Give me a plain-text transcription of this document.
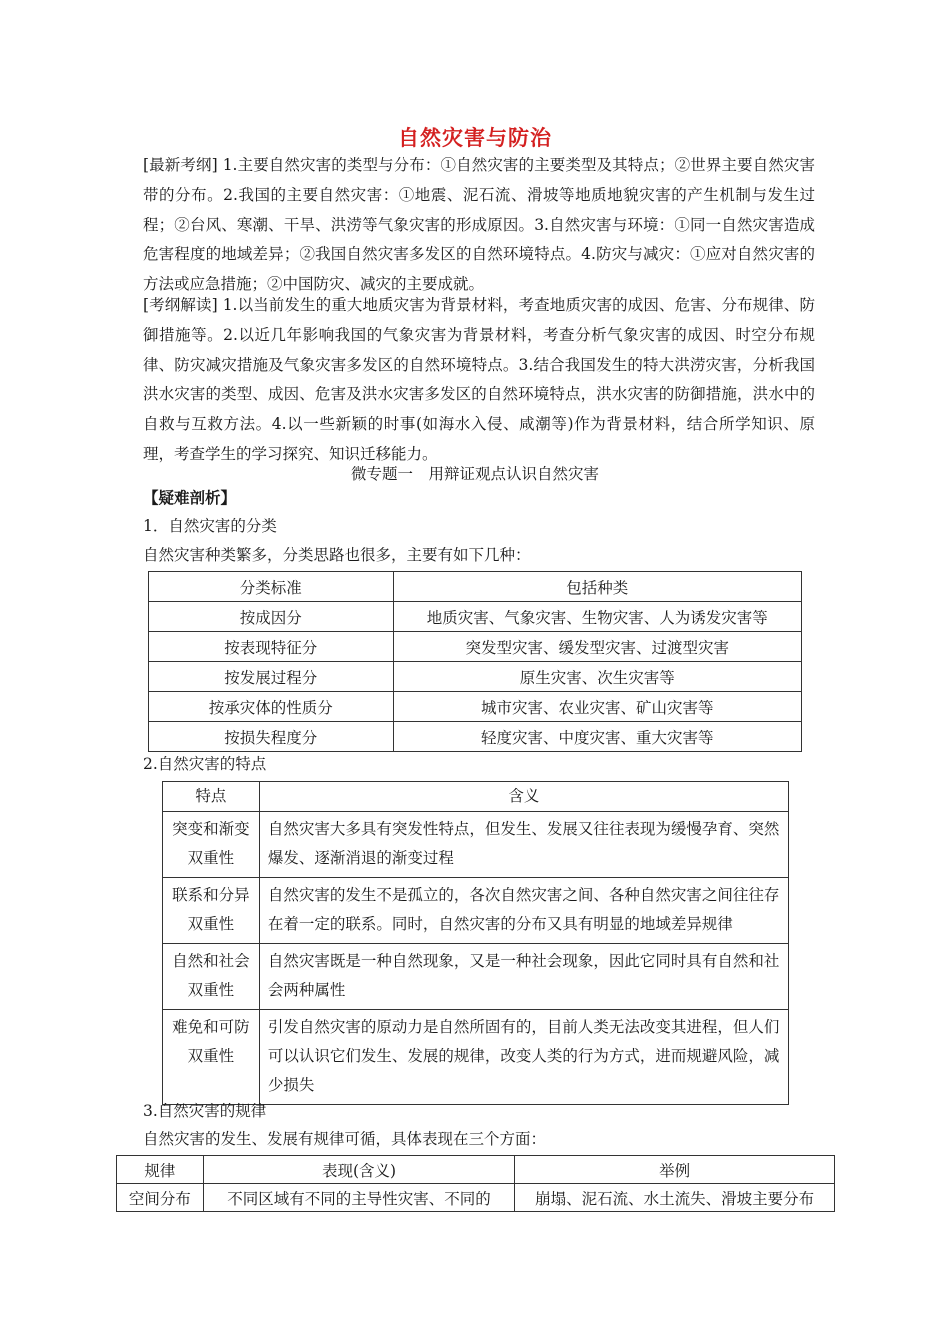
自然灾害与防治

[最新考纲] 1.主要自然灾害的类型与分布：①自然灾害的主要类型及其特点；②世界主要自然灾害带的分布。2.我国的主要自然灾害：①地震、泥石流、滑坡等地质地貌灾害的产生机制与发生过程；②台风、寒潮、干旱、洪涝等气象灾害的形成原因。3.自然灾害与环境：①同一自然灾害造成危害程度的地域差异；②我国自然灾害多发区的自然环境特点。4.防灾与减灾：①应对自然灾害的方法或应急措施；②中国防灾、减灾的主要成就。

[考纲解读] 1.以当前发生的重大地质灾害为背景材料，考查地质灾害的成因、危害、分布规律、防御措施等。2.以近几年影响我国的气象灾害为背景材料，考查分析气象灾害的成因、时空分布规律、防灾减灾措施及气象灾害多发区的自然环境特点。3.结合我国发生的特大洪涝灾害，分析我国洪水灾害的类型、成因、危害及洪水灾害多发区的自然环境特点，洪水灾害的防御措施，洪水中的自救与互救方法。4.以一些新颖的时事(如海水入侵、咸潮等)作为背景材料，结合所学知识、原理，考查学生的学习探究、知识迁移能力。

微专题一　用辩证观点认识自然灾害
【疑难剖析】
1．自然灾害的分类
自然灾害种类繁多，分类思路也很多，主要有如下几种：
分类标准	包括种类
按成因分	地质灾害、气象灾害、生物灾害、人为诱发灾害等
按表现特征分	突发型灾害、缓发型灾害、过渡型灾害
按发展过程分	原生灾害、次生灾害等
按承灾体的性质分	城市灾害、农业灾害、矿山灾害等
按损失程度分	轻度灾害、中度灾害、重大灾害等
2.自然灾害的特点
特点	含义
突变和渐变双重性	自然灾害大多具有突发性特点，但发生、发展又往往表现为缓慢孕育、突然爆发、逐渐消退的渐变过程
联系和分异双重性	自然灾害的发生不是孤立的，各次自然灾害之间、各种自然灾害之间往往存在着一定的联系。同时，自然灾害的分布又具有明显的地域差异规律
自然和社会双重性	自然灾害既是一种自然现象，又是一种社会现象，因此它同时具有自然和社会两种属性
难免和可防双重性	引发自然灾害的原动力是自然所固有的，目前人类无法改变其进程，但人们可以认识它们发生、发展的规律，改变人类的行为方式，进而规避风险，减少损失
3.自然灾害的规律
自然灾害的发生、发展有规律可循，具体表现在三个方面：
规律	表现(含义)	举例
空间分布	不同区域有不同的主导性灾害、不同的	崩塌、泥石流、水土流失、滑坡主要分布
